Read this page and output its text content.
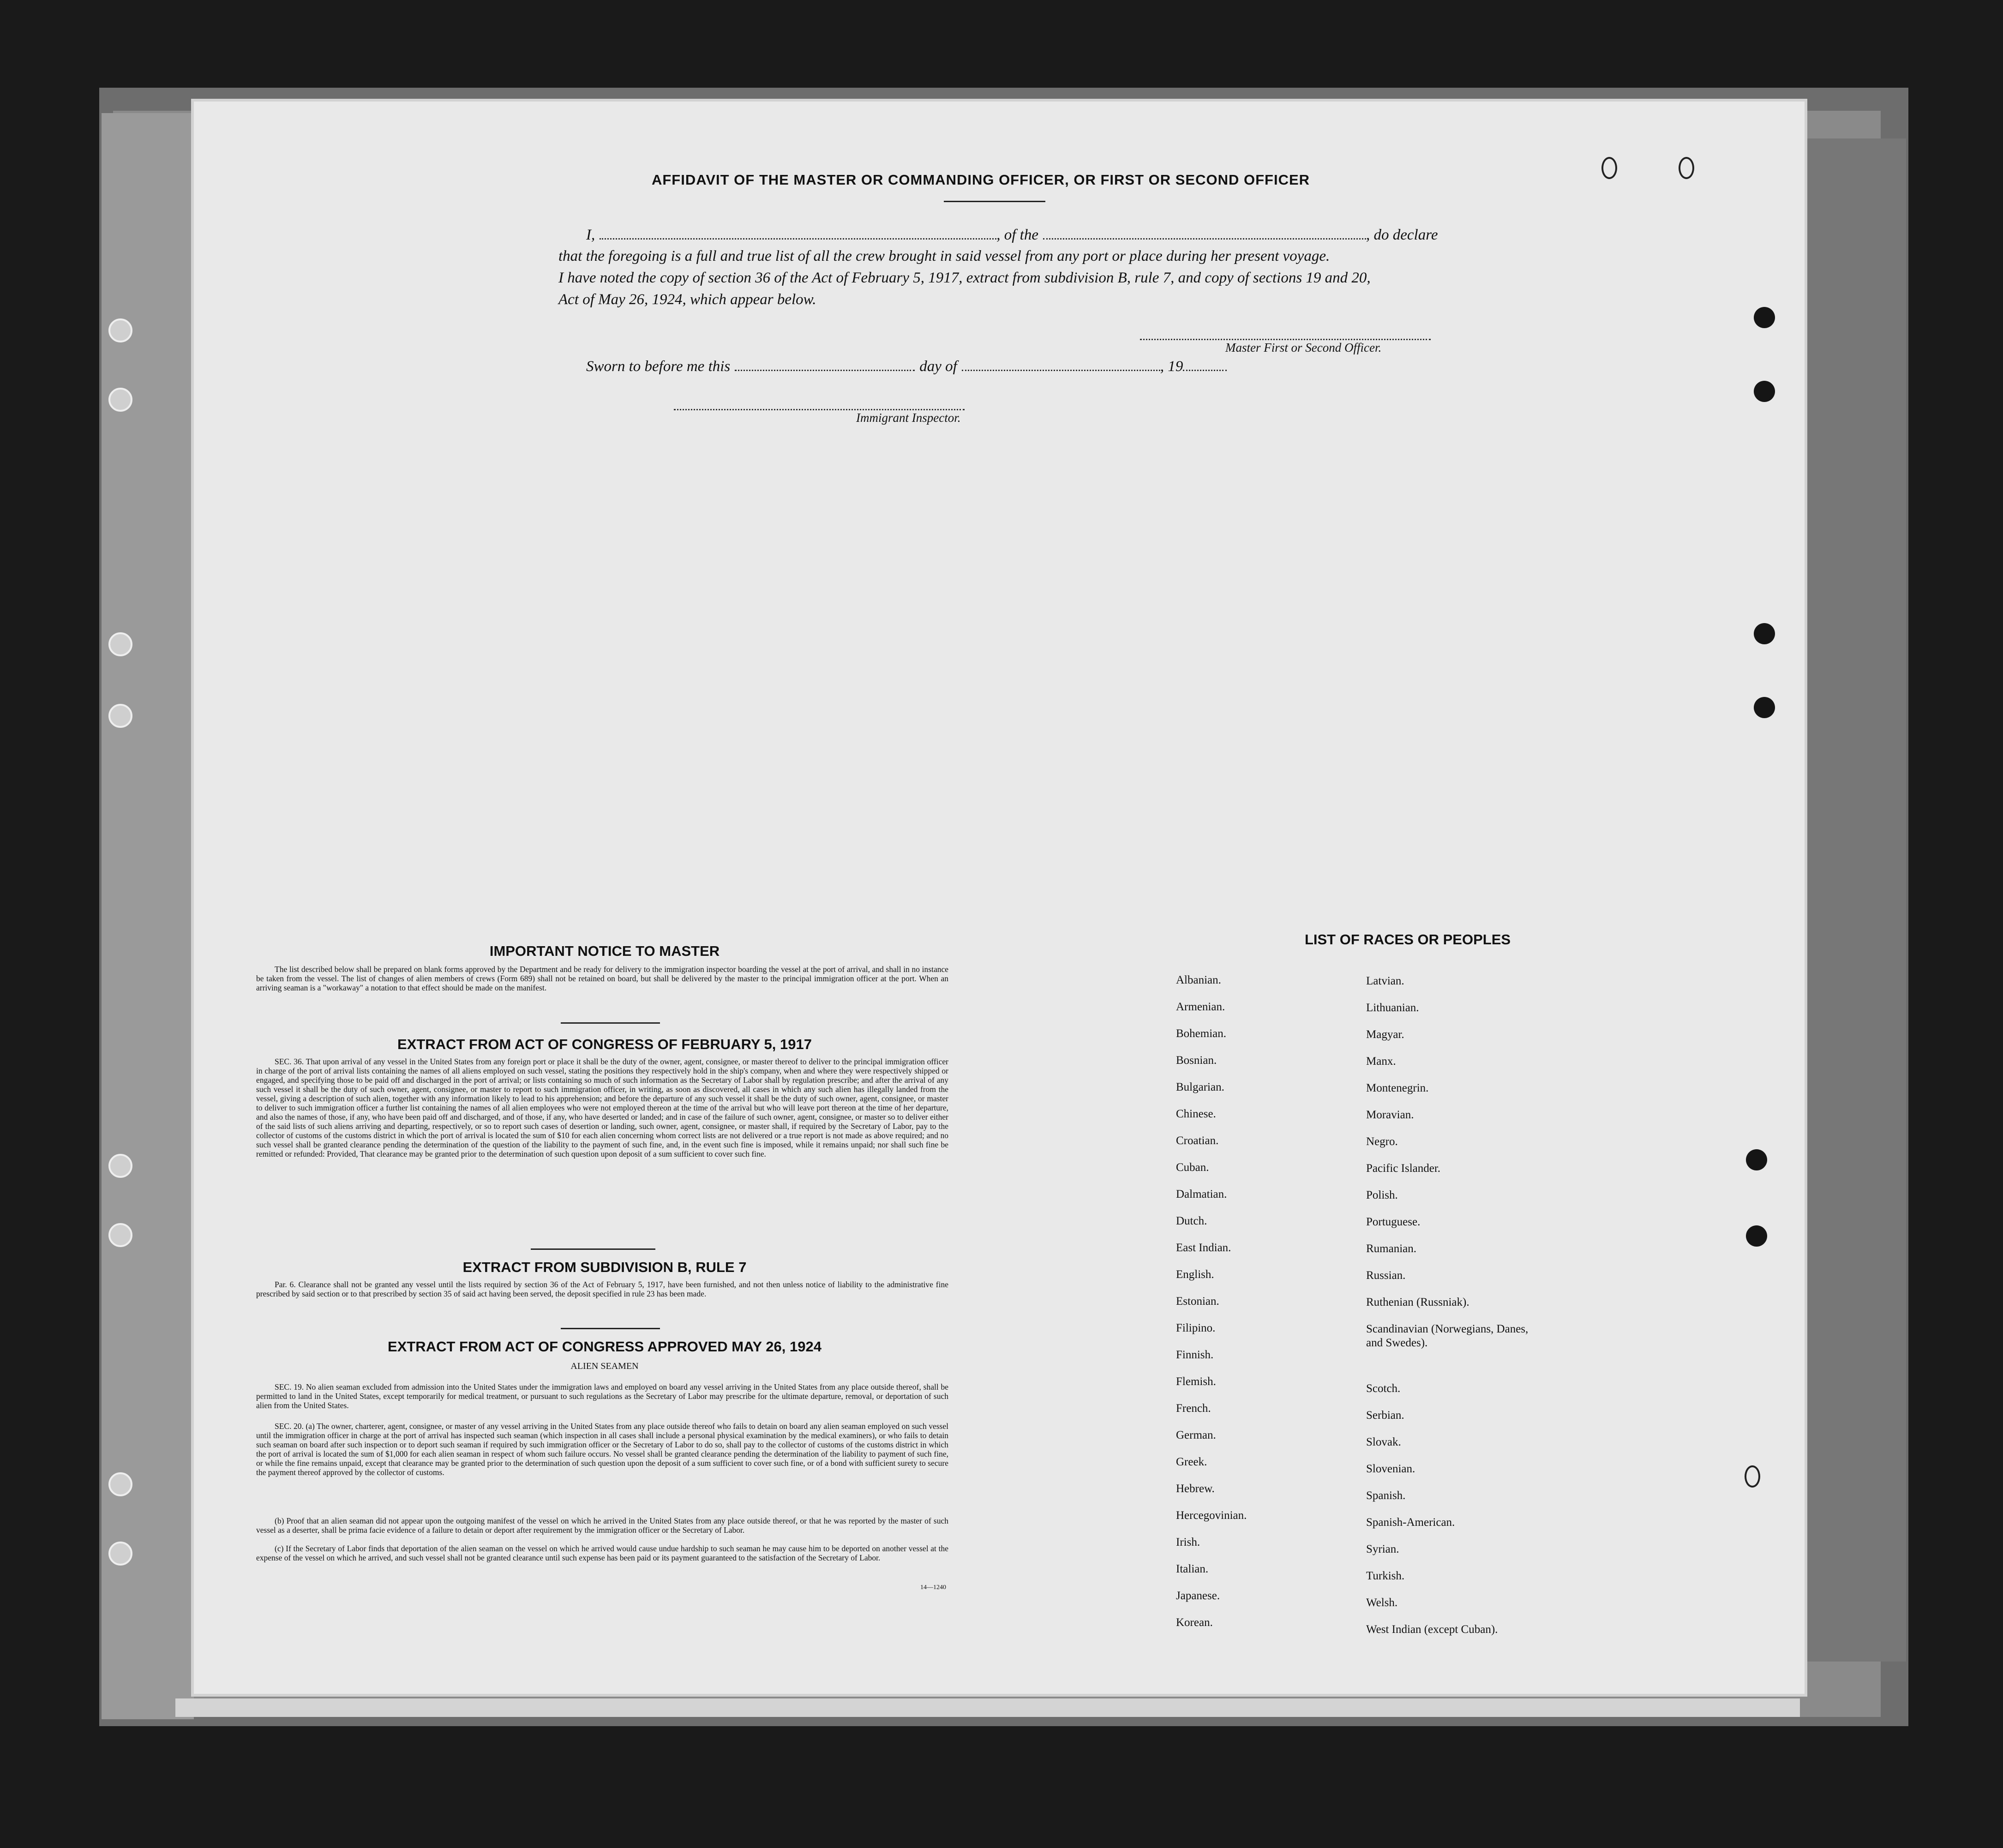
AFFIDAVIT OF THE MASTER OR COMMANDING OFFICER, OR FIRST OR SECOND OFFICER
I,	, of the	, do declare
that the foregoing is a full and true list of all the crew brought in said vessel from any port or place during her present voyage.
I have noted the copy of section 36 of the Act of February 5, 1917, extract from subdivision B, rule 7, and copy of sections 19 and 20,
Act of May 26, 1924, which appear below.
Master First or Second Officer.
Sworn to before me this	day of	, 19
Immigrant Inspector.
IMPORTANT NOTICE TO MASTER
The list described below shall be prepared on blank forms approved by the Department and be ready for delivery to the immigration inspector boarding the vessel at the port of arrival, and shall in no instance be taken from the vessel. The list of changes of alien members of crews (Form 689) shall not be retained on board, but shall be delivered by the master to the principal immigration officer at the port. When an arriving seaman is a "workaway" a notation to that effect should be made on the manifest.
EXTRACT FROM ACT OF CONGRESS OF FEBRUARY 5, 1917
SEC. 36. That upon arrival of any vessel in the United States from any foreign port or place it shall be the duty of the owner, agent, consignee, or master thereof to deliver to the principal immigration officer in charge of the port of arrival lists containing the names of all aliens employed on such vessel, stating the positions they respectively hold in the ship's company, when and where they were respectively shipped or engaged, and specifying those to be paid off and discharged in the port of arrival; or lists containing so much of such information as the Secretary of Labor shall by regulation prescribe; and after the arrival of any such vessel it shall be the duty of such owner, agent, consignee, or master to report to such immigration officer, in writing, as soon as discovered, all cases in which any such alien has illegally landed from the vessel, giving a description of such alien, together with any information likely to lead to his apprehension; and before the departure of any such vessel it shall be the duty of such owner, agent, consignee, or master to deliver to such immigration officer a further list containing the names of all alien employees who were not employed thereon at the time of the arrival but who will leave port thereon at the time of her departure, and also the names of those, if any, who have been paid off and discharged, and of those, if any, who have deserted or landed; and in case of the failure of such owner, agent, consignee, or master so to deliver either of the said lists of such aliens arriving and departing, respectively, or so to report such cases of desertion or landing, such owner, agent, consignee, or master shall, if required by the Secretary of Labor, pay to the collector of customs of the customs district in which the port of arrival is located the sum of $10 for each alien concerning whom correct lists are not delivered or a true report is not made as above required; and no such vessel shall be granted clearance pending the determination of the question of the liability to the payment of such fine, and, in the event such fine is imposed, while it remains unpaid; nor shall such fine be remitted or refunded: Provided, That clearance may be granted prior to the determination of such question upon deposit of a sum sufficient to cover such fine.
EXTRACT FROM SUBDIVISION B, RULE 7
Par. 6. Clearance shall not be granted any vessel until the lists required by section 36 of the Act of February 5, 1917, have been furnished, and not then unless notice of liability to the administrative fine prescribed by said section or to that prescribed by section 35 of said act having been served, the deposit specified in rule 23 has been made.
EXTRACT FROM ACT OF CONGRESS APPROVED MAY 26, 1924
ALIEN SEAMEN
SEC. 19. No alien seaman excluded from admission into the United States under the immigration laws and employed on board any vessel arriving in the United States from any place outside thereof, shall be permitted to land in the United States, except temporarily for medical treatment, or pursuant to such regulations as the Secretary of Labor may prescribe for the ultimate departure, removal, or deportation of such alien from the United States.
SEC. 20. (a) The owner, charterer, agent, consignee, or master of any vessel arriving in the United States from any place outside thereof who fails to detain on board any alien seaman employed on such vessel until the immigration officer in charge at the port of arrival has inspected such seaman (which inspection in all cases shall include a personal physical examination by the medical examiners), or who fails to detain such seaman on board after such inspection or to deport such seaman if required by such immigration officer or the Secretary of Labor to do so, shall pay to the collector of customs of the customs district in which the port of arrival is located the sum of $1,000 for each alien seaman in respect of whom such failure occurs. No vessel shall be granted clearance pending the determination of the liability to payment of such fine, or while the fine remains unpaid, except that clearance may be granted prior to the determination of such question upon the deposit of a sum sufficient to cover such fine, or of a bond with sufficient surety to secure the payment thereof approved by the collector of customs.
(b) Proof that an alien seaman did not appear upon the outgoing manifest of the vessel on which he arrived in the United States from any place outside thereof, or that he was reported by the master of such vessel as a deserter, shall be prima facie evidence of a failure to detain or deport after requirement by the immigration officer or the Secretary of Labor.
(c) If the Secretary of Labor finds that deportation of the alien seaman on the vessel on which he arrived would cause undue hardship to such seaman he may cause him to be deported on another vessel at the expense of the vessel on which he arrived, and such vessel shall not be granted clearance until such expense has been paid or its payment guaranteed to the satisfaction of the Secretary of Labor.
14—1240
LIST OF RACES OR PEOPLES
Albanian.
Armenian.
Bohemian.
Bosnian.
Bulgarian.
Chinese.
Croatian.
Cuban.
Dalmatian.
Dutch.
East Indian.
English.
Estonian.
Filipino.
Finnish.
Flemish.
French.
German.
Greek.
Hebrew.
Hercegovinian.
Irish.
Italian.
Japanese.
Korean.
Latvian.
Lithuanian.
Magyar.
Manx.
Montenegrin.
Moravian.
Negro.
Pacific Islander.
Polish.
Portuguese.
Rumanian.
Russian.
Ruthenian (Russniak).
Scandinavian (Norwegians, Danes, and Swedes).
Scotch.
Serbian.
Slovak.
Slovenian.
Spanish.
Spanish-American.
Syrian.
Turkish.
Welsh.
West Indian (except Cuban).
